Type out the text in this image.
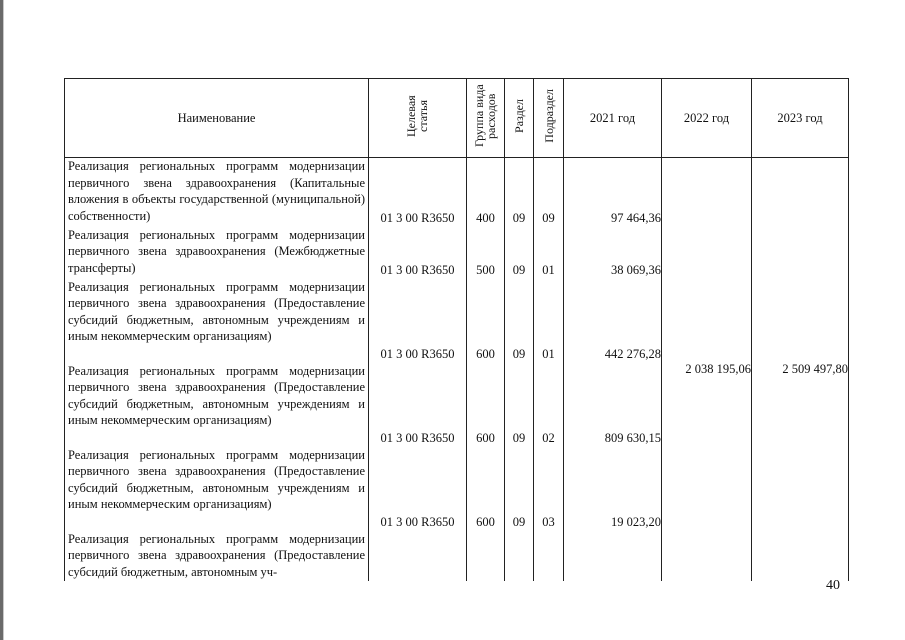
Наименование	Целевая статья	Группа вида расходов	Раздел	Подраздел	2021 год	2022 год	2023 год
Реализация региональных программ модернизации первичного звена здравоохранения (Капитальные вложения в объекты государственной (муниципальной) собственности)	01 3 00 R3650	400	09	09	97 464,36	2 038 195,06	2 509 497,80
Реализация региональных программ модернизации первичного звена здравоохранения (Межбюджетные трансферты)	01 3 00 R3650	500	09	01	38 069,36		
Реализация региональных программ модернизации первичного звена здравоохранения (Предоставление субсидий бюджетным, автономным учреждениям и иным некоммерческим организациям)	01 3 00 R3650	600	09	01	442 276,28		
Реализация региональных программ модернизации первичного звена здравоохранения (Предоставление субсидий бюджетным, автономным учреждениям и иным некоммерческим организациям)	01 3 00 R3650	600	09	02	809 630,15		
Реализация региональных программ модернизации первичного звена здравоохранения (Предоставление субсидий бюджетным, автономным учреждениям и иным некоммерческим организациям)	01 3 00 R3650	600	09	03	19 023,20		
Реализация региональных программ модернизации первичного звена здравоохранения (Предоставление субсидий бюджетным, автономным уч-							
40
